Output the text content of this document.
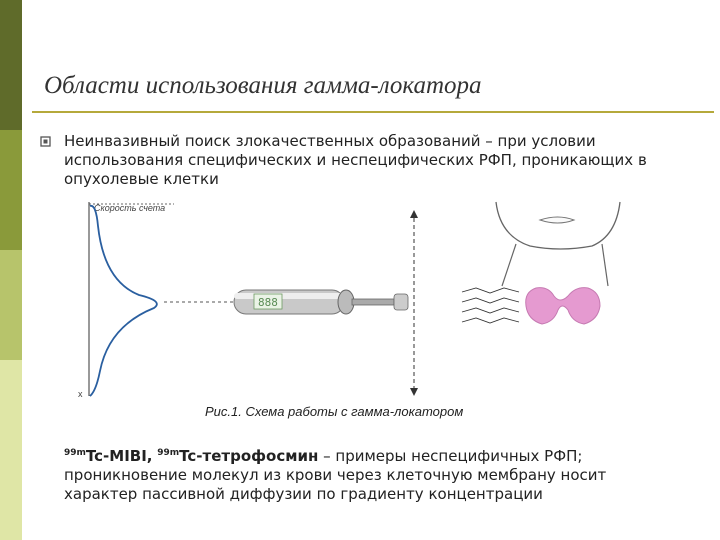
Области использования гамма-локатора
Неинвазивный поиск злокачественных образований – при условии использования специфических и неспецифических РФП, проникающих в опухолевые клетки
Скорость счета
x
888
Рис.1. Схема работы с гамма-локатором
$^{99m}$Tc-MIBI, $^{99m}$Tc-тетрофосмин – примеры неспецифичных РФП; проникновение молекул из крови через клеточную мембрану носит характер пассивной диффузии по градиенту концентрации
